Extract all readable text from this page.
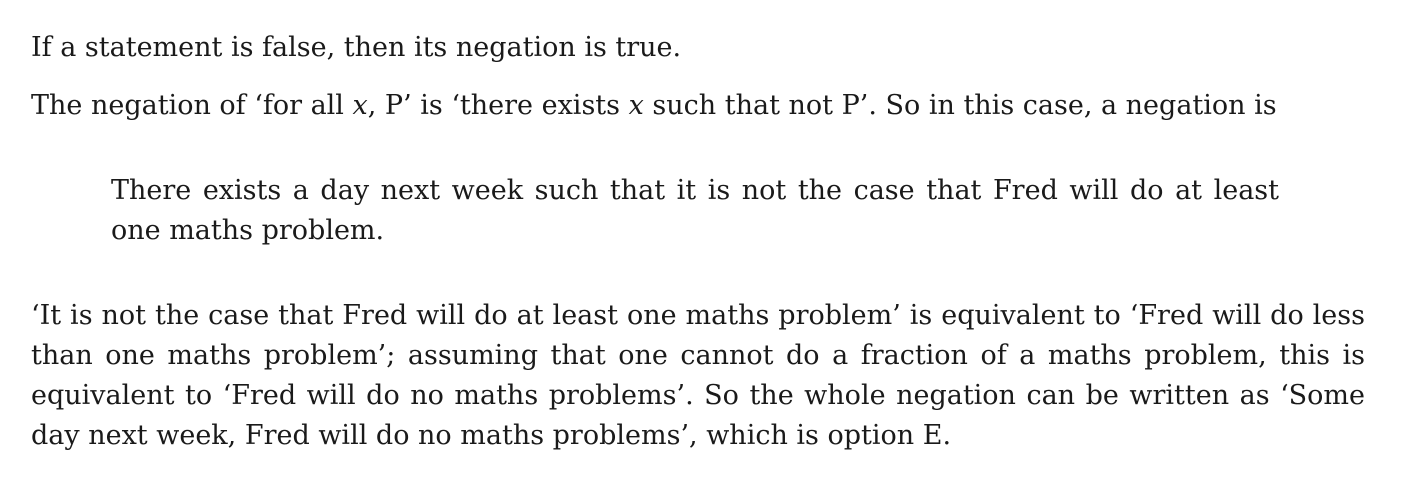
If a statement is false, then its negation is true.

The negation of ‘for all x, P’ is ‘there exists x such that not P’. So in this case, a negation is

There exists a day next week such that it is not the case that Fred will do at least one maths problem.

‘It is not the case that Fred will do at least one maths problem’ is equivalent to ‘Fred will do less than one maths problem’; assuming that one cannot do a fraction of a maths problem, this is equivalent to ‘Fred will do no maths problems’. So the whole negation can be written as ‘Some day next week, Fred will do no maths problems’, which is option E.
